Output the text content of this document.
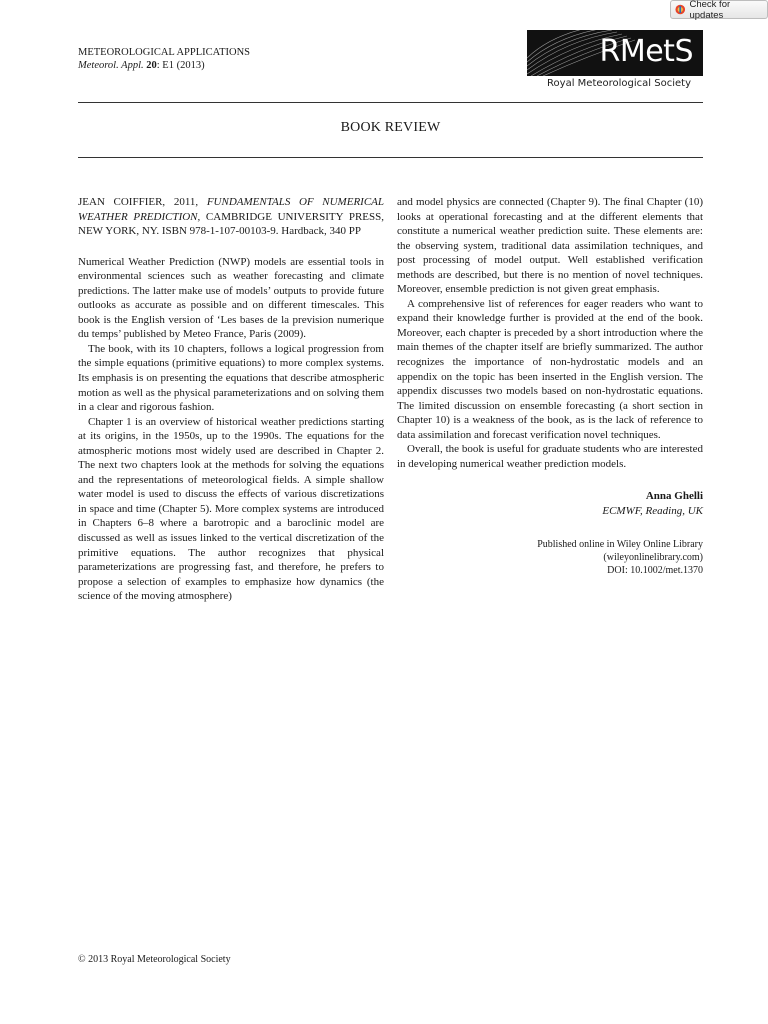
Check for updates
METEOROLOGICAL APPLICATIONS
Meteorol. Appl. 20: E1 (2013)	RMetS
Royal Meteorological Society
BOOK REVIEW

JEAN COIFFIER, 2011, FUNDAMENTALS OF NUMERICAL WEATHER PREDICTION, CAMBRIDGE UNIVERSITY PRESS, NEW YORK, NY. ISBN 978-1-107-00103-9. Hardback, 340 PP

Numerical Weather Prediction (NWP) models are essential tools in environmental sciences such as weather forecasting and climate predictions. The latter make use of models’ outputs to provide future outlooks as accurate as possible and on different timescales. This book is the English version of ‘Les bases de la prevision numerique du temps’ published by Meteo France, Paris (2009).

The book, with its 10 chapters, follows a logical progression from the simple equations (primitive equations) to more complex systems. Its emphasis is on presenting the equations that describe atmospheric motion as well as the physical parameterizations and on solving them in a clear and rigorous fashion.

Chapter 1 is an overview of historical weather predictions starting at its origins, in the 1950s, up to the 1990s. The equations for the atmospheric motions most widely used are described in Chapter 2. The next two chapters look at the methods for solving the equations and the representations of meteorological fields. A simple shallow water model is used to discuss the effects of various discretizations in space and time (Chapter 5). More complex systems are introduced in Chapters 6–8 where a barotropic and a baroclinic model are discussed as well as issues linked to the vertical discretization of the primitive equations. The author recognizes that physical parameterizations are progressing fast, and therefore, he prefers to propose a selection of examples to emphasize how dynamics (the science of the moving atmosphere)

and model physics are connected (Chapter 9). The final Chapter (10) looks at operational forecasting and at the different elements that constitute a numerical weather prediction suite. These elements are: the observing system, traditional data assimilation techniques, and post processing of model output. Well established verification methods are described, but there is no mention of novel techniques. Moreover, ensemble prediction is not given great emphasis.

A comprehensive list of references for eager readers who want to expand their knowledge further is provided at the end of the book. Moreover, each chapter is preceded by a short introduction where the main themes of the chapter itself are briefly summarized. The author recognizes the importance of non-hydrostatic models and an appendix on the topic has been inserted in the English version. The appendix discusses two models based on non-hydrostatic equations. The limited discussion on ensemble forecasting (a short section in Chapter 10) is a weakness of the book, as is the lack of reference to data assimilation and forecast verification novel techniques.

Overall, the book is useful for graduate students who are interested in developing numerical weather prediction models.

Anna Ghelli
ECMWF, Reading, UK
Published online in Wiley Online Library
(wileyonlinelibrary.com)
DOI: 10.1002/met.1370
© 2013 Royal Meteorological Society
